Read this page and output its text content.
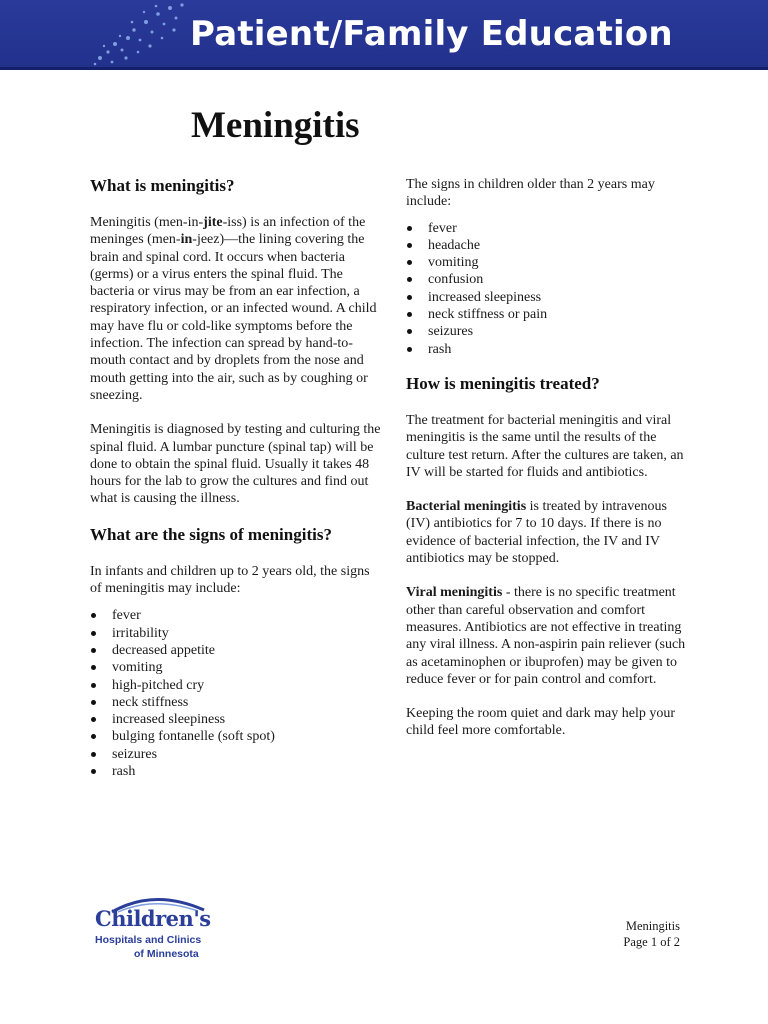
Patient/Family Education
Meningitis
What is meningitis?

Meningitis (men-in-jite-iss) is an infection of the meninges (men-in-jeez)—the lining covering the brain and spinal cord. It occurs when bacteria (germs) or a virus enters the spinal fluid. The bacteria or virus may be from an ear infection, a respiratory infection, or an infected wound. A child may have flu or cold-like symptoms before the infection. The infection can spread by hand-to-mouth contact and by droplets from the nose and mouth getting into the air, such as by coughing or sneezing.

Meningitis is diagnosed by testing and culturing the spinal fluid. A lumbar puncture (spinal tap) will be done to obtain the spinal fluid. Usually it takes 48 hours for the lab to grow the cultures and find out what is causing the illness.

What are the signs of meningitis?

In infants and children up to 2 years old, the signs of meningitis may include:

fever
irritability
decreased appetite
vomiting
high-pitched cry
neck stiffness
increased sleepiness
bulging fontanelle (soft spot)
seizures
rash

The signs in children older than 2 years may include:

fever
headache
vomiting
confusion
increased sleepiness
neck stiffness or pain
seizures
rash
How is meningitis treated?

The treatment for bacterial meningitis and viral meningitis is the same until the results of the culture test return. After the cultures are taken, an IV will be started for fluids and antibiotics.

Bacterial meningitis is treated by intravenous (IV) antibiotics for 7 to 10 days. If there is no evidence of bacterial infection, the IV and IV antibiotics may be stopped.

Viral meningitis - there is no specific treatment other than careful observation and comfort measures. Antibiotics are not effective in treating any viral illness. A non-aspirin pain reliever (such as acetaminophen or ibuprofen) may be given to reduce fever or for pain control and comfort.

Keeping the room quiet and dark may help your child feel more comfortable.

Children's
Hospitals and Clinics
of Minnesota
Meningitis
Page 1 of 2
